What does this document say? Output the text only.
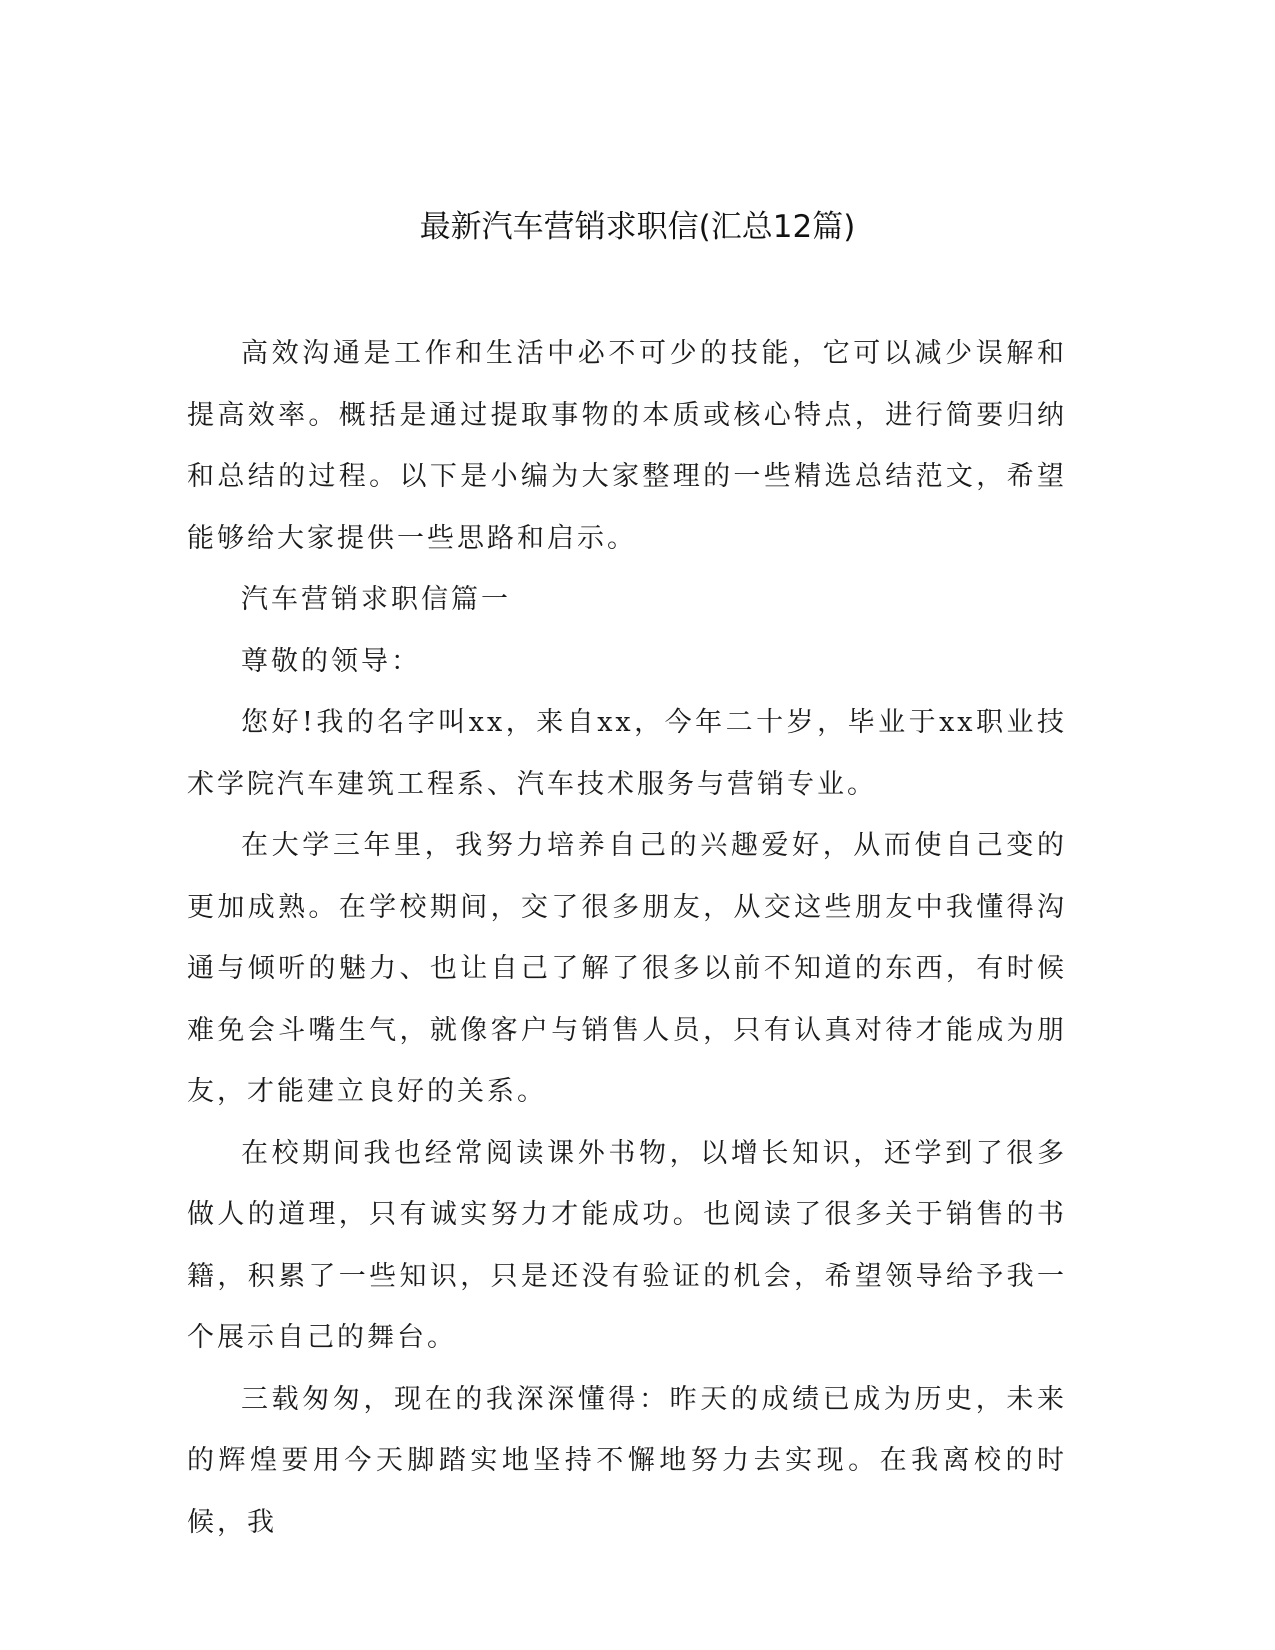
最新汽车营销求职信(汇总12篇)

高效沟通是工作和生活中必不可少的技能，它可以减少误解和提高效率。概括是通过提取事物的本质或核心特点，进行简要归纳和总结的过程。以下是小编为大家整理的一些精选总结范文，希望能够给大家提供一些思路和启示。

汽车营销求职信篇一

尊敬的领导：

您好!我的名字叫xx，来自xx，今年二十岁，毕业于xx职业技术学院汽车建筑工程系、汽车技术服务与营销专业。

在大学三年里，我努力培养自己的兴趣爱好，从而使自己变的更加成熟。在学校期间，交了很多朋友，从交这些朋友中我懂得沟通与倾听的魅力、也让自己了解了很多以前不知道的东西，有时候难免会斗嘴生气，就像客户与销售人员，只有认真对待才能成为朋友，才能建立良好的关系。

在校期间我也经常阅读课外书物，以增长知识，还学到了很多做人的道理，只有诚实努力才能成功。也阅读了很多关于销售的书籍，积累了一些知识，只是还没有验证的机会，希望领导给予我一个展示自己的舞台。

三载匆匆，现在的我深深懂得：昨天的成绩已成为历史，未来的辉煌要用今天脚踏实地坚持不懈地努力去实现。在我离校的时候，我
